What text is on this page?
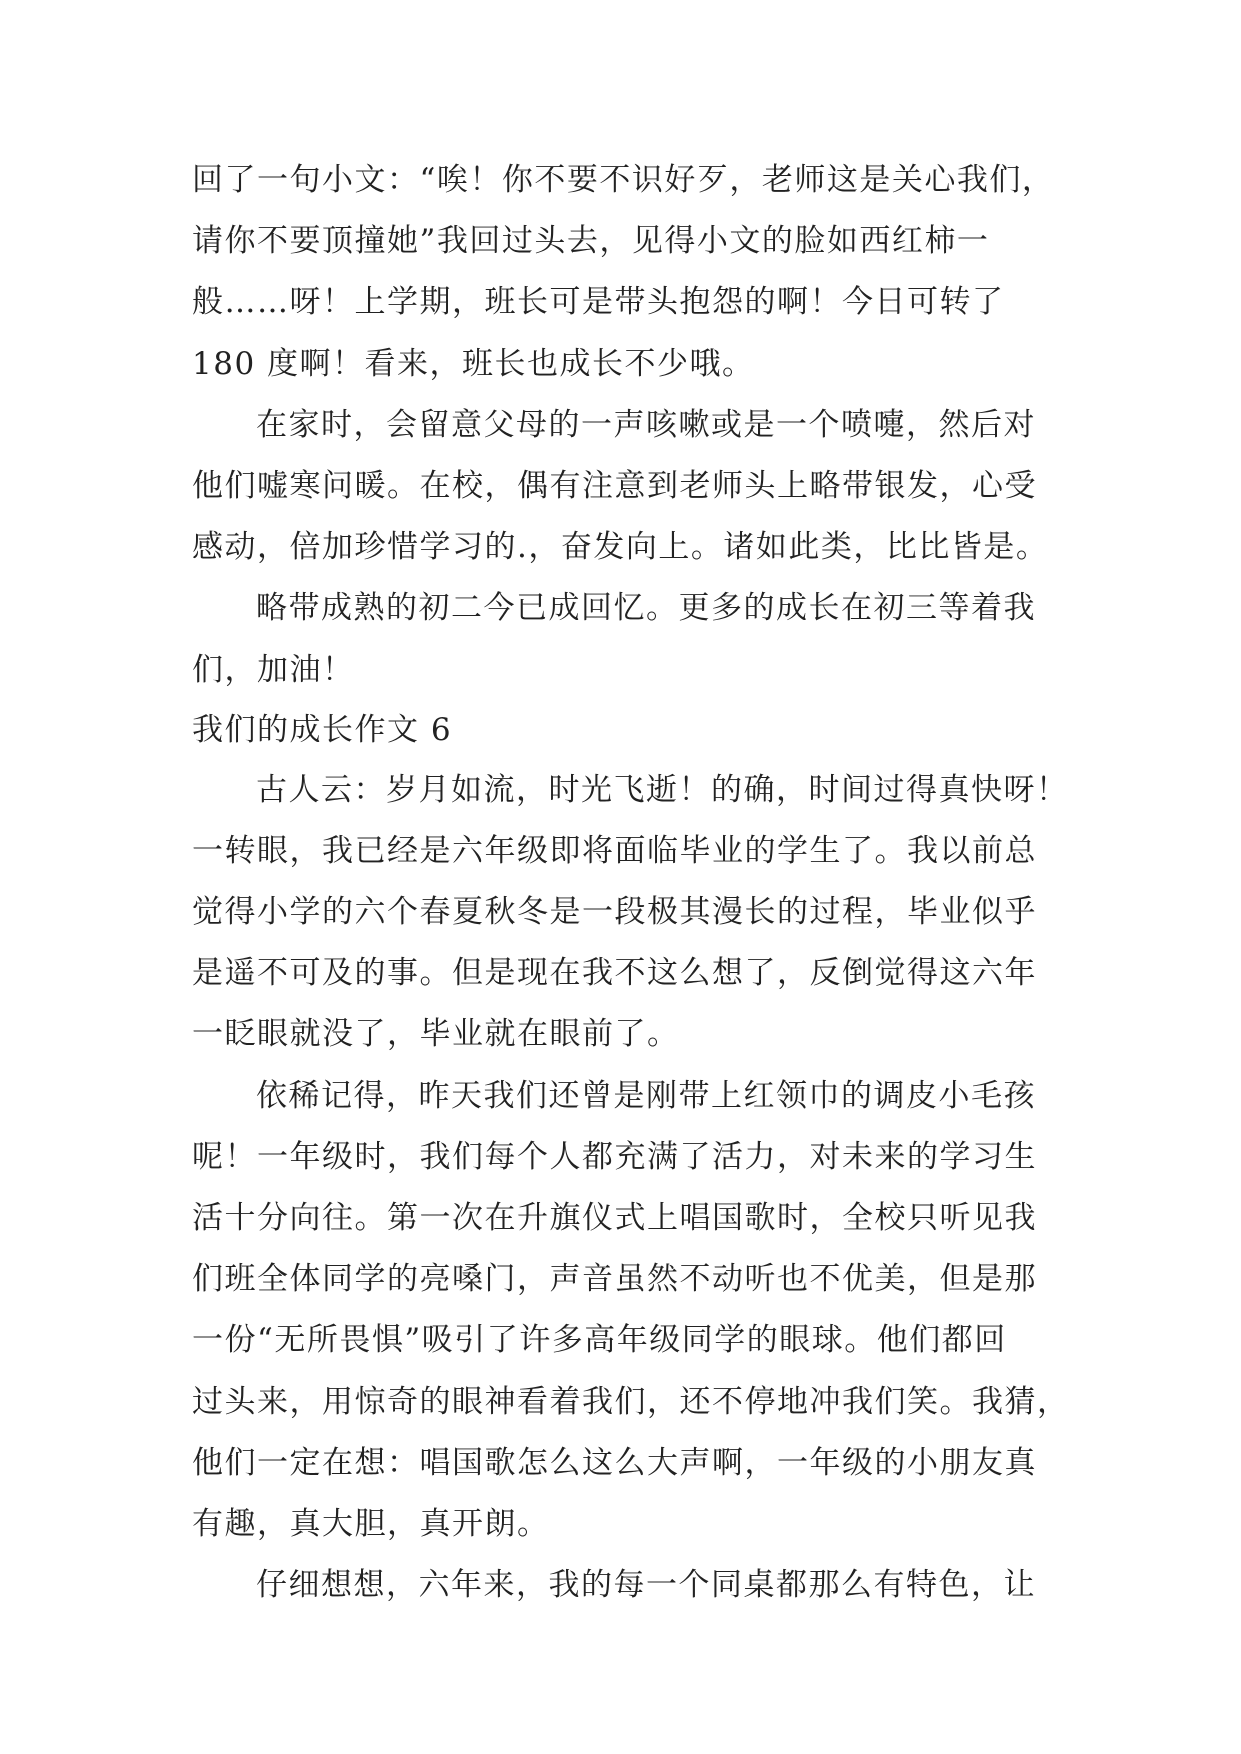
回了一句小文：“唉！你不要不识好歹，老师这是关心我们，
请你不要顶撞她”我回过头去，见得小文的脸如西红柿一
般……呀！上学期，班长可是带头抱怨的啊！今日可转了
180 度啊！看来，班长也成长不少哦。
在家时，会留意父母的一声咳嗽或是一个喷嚏，然后对
他们嘘寒问暖。在校，偶有注意到老师头上略带银发，心受
感动，倍加珍惜学习的.，奋发向上。诸如此类，比比皆是。
略带成熟的初二今已成回忆。更多的成长在初三等着我
们，加油！
我们的成长作文 6
古人云：岁月如流，时光飞逝！的确，时间过得真快呀！
一转眼，我已经是六年级即将面临毕业的学生了。我以前总
觉得小学的六个春夏秋冬是一段极其漫长的过程，毕业似乎
是遥不可及的事。但是现在我不这么想了，反倒觉得这六年
一眨眼就没了，毕业就在眼前了。
依稀记得，昨天我们还曾是刚带上红领巾的调皮小毛孩
呢！一年级时，我们每个人都充满了活力，对未来的学习生
活十分向往。第一次在升旗仪式上唱国歌时，全校只听见我
们班全体同学的亮嗓门，声音虽然不动听也不优美，但是那
一份“无所畏惧”吸引了许多高年级同学的眼球。他们都回
过头来，用惊奇的眼神看着我们，还不停地冲我们笑。我猜，
他们一定在想：唱国歌怎么这么大声啊，一年级的小朋友真
有趣，真大胆，真开朗。
仔细想想，六年来，我的每一个同桌都那么有特色，让
